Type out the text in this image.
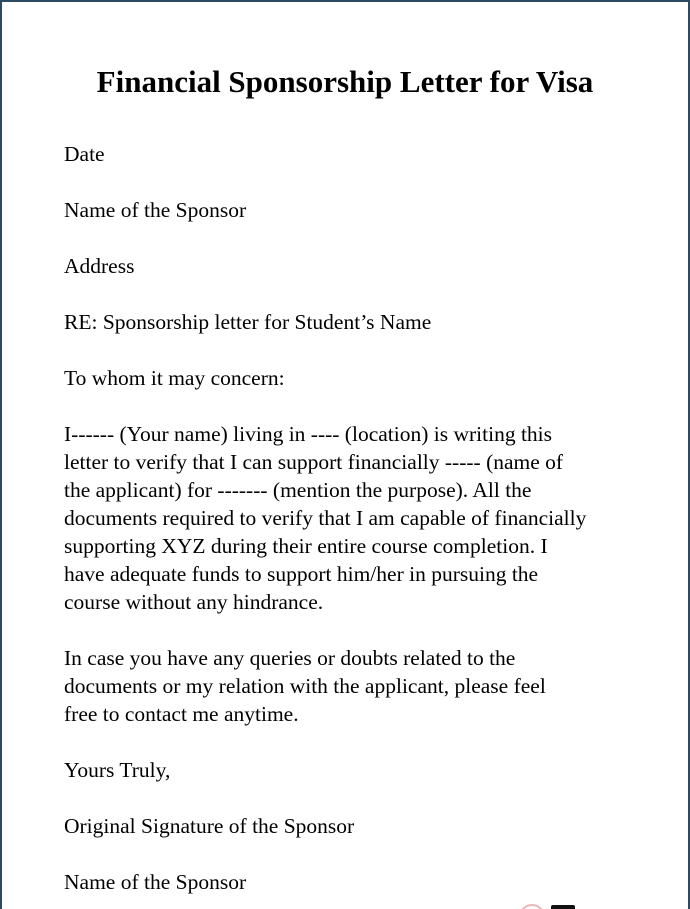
Financial Sponsorship Letter for Visa

Date

Name of the Sponsor

Address

RE: Sponsorship letter for Student’s Name

To whom it may concern:

I------ (Your name) living in ---- (location) is writing this
letter to verify that I can support financially ----- (name of
the applicant) for ------- (mention the purpose). All the
documents required to verify that I am capable of financially
supporting XYZ during their entire course completion. I
have adequate funds to support him/her in pursuing the
course without any hindrance.

In case you have any queries or doubts related to the
documents or my relation with the applicant, please feel
free to contact me anytime.

Yours Truly,

Original Signature of the Sponsor

Name of the Sponsor
